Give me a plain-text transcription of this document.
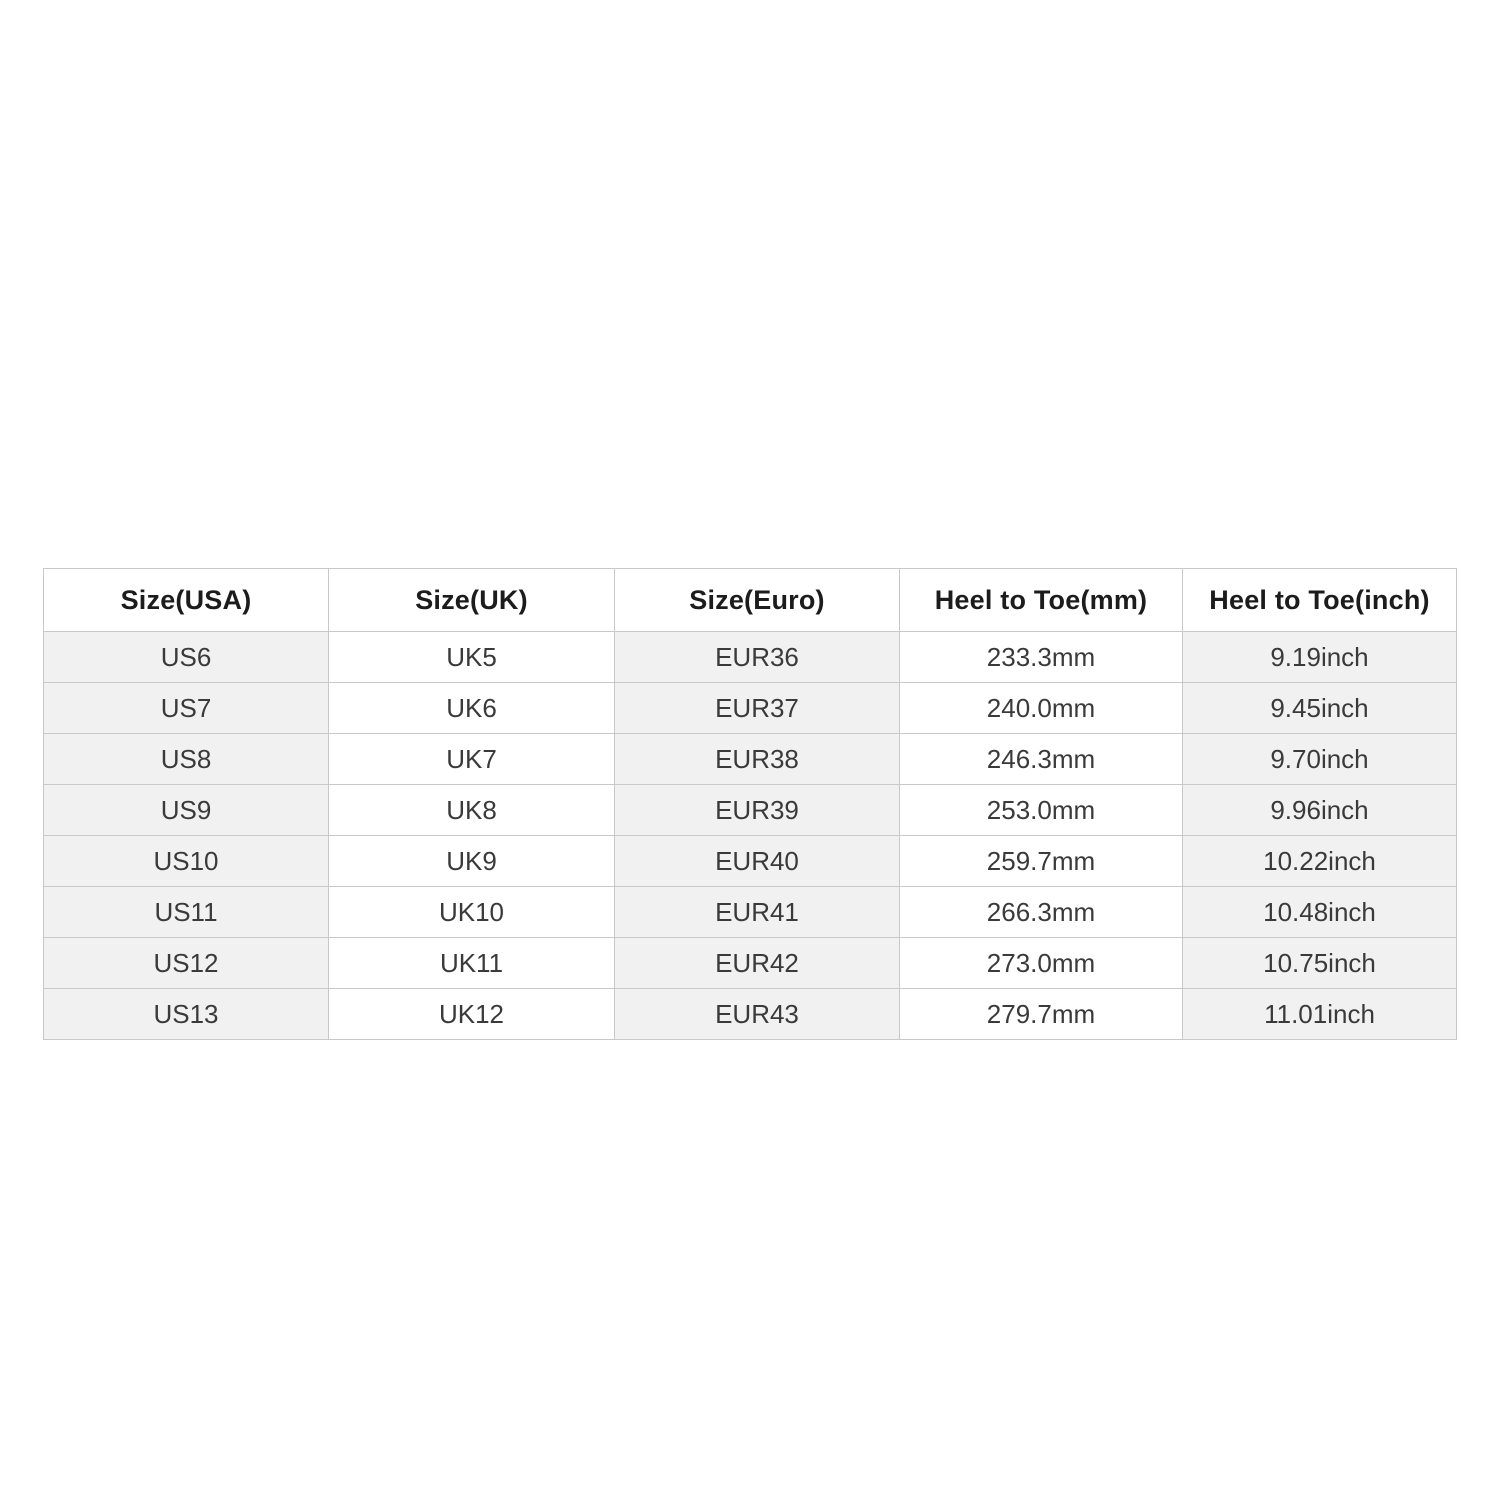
Size(USA)	Size(UK)	Size(Euro)	Heel to Toe(mm)	Heel to Toe(inch)
US6	UK5	EUR36	233.3mm	9.19inch
US7	UK6	EUR37	240.0mm	9.45inch
US8	UK7	EUR38	246.3mm	9.70inch
US9	UK8	EUR39	253.0mm	9.96inch
US10	UK9	EUR40	259.7mm	10.22inch
US11	UK10	EUR41	266.3mm	10.48inch
US12	UK11	EUR42	273.0mm	10.75inch
US13	UK12	EUR43	279.7mm	11.01inch
